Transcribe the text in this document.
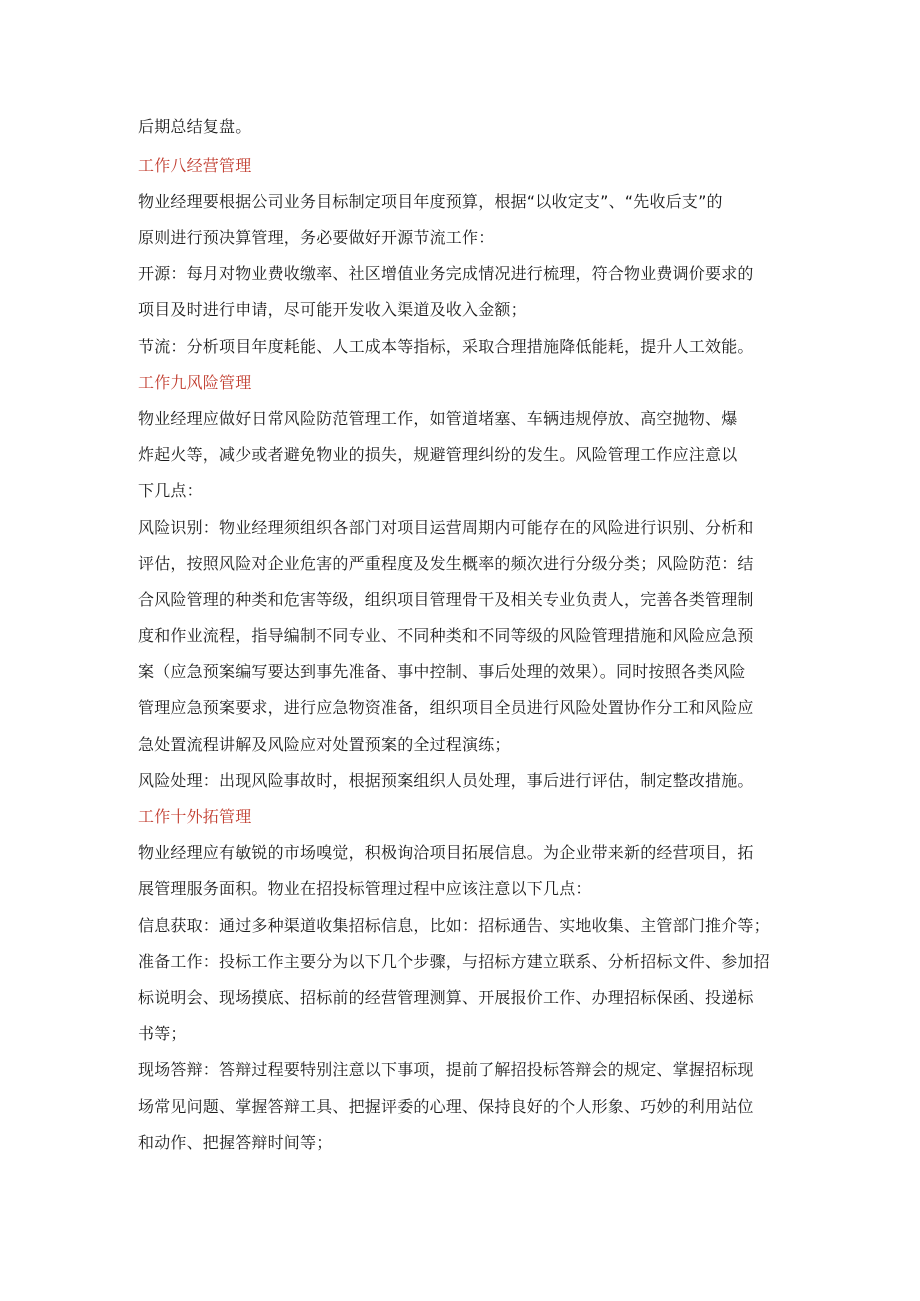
后期总结复盘。
工作八经营管理
物业经理要根据公司业务目标制定项目年度预算，根据“以收定支”、“先收后支”的
原则进行预决算管理，务必要做好开源节流工作：
开源：每月对物业费收缴率、社区增值业务完成情况进行梳理，符合物业费调价要求的
项目及时进行申请，尽可能开发收入渠道及收入金额；
节流：分析项目年度耗能、人工成本等指标，采取合理措施降低能耗，提升人工效能。
工作九风险管理
物业经理应做好日常风险防范管理工作，如管道堵塞、车辆违规停放、高空抛物、爆
炸起火等，减少或者避免物业的损失，规避管理纠纷的发生。风险管理工作应注意以
下几点：
风险识别：物业经理须组织各部门对项目运营周期内可能存在的风险进行识别、分析和
评估，按照风险对企业危害的严重程度及发生概率的频次进行分级分类；风险防范：结
合风险管理的种类和危害等级，组织项目管理骨干及相关专业负责人，完善各类管理制
度和作业流程，指导编制不同专业、不同种类和不同等级的风险管理措施和风险应急预
案（应急预案编写要达到事先准备、事中控制、事后处理的效果）。同时按照各类风险
管理应急预案要求，进行应急物资准备，组织项目全员进行风险处置协作分工和风险应
急处置流程讲解及风险应对处置预案的全过程演练；
风险处理：出现风险事故时，根据预案组织人员处理，事后进行评估，制定整改措施。
工作十外拓管理
物业经理应有敏锐的市场嗅觉，积极询洽项目拓展信息。为企业带来新的经营项目，拓
展管理服务面积。物业在招投标管理过程中应该注意以下几点：
信息获取：通过多种渠道收集招标信息，比如：招标通告、实地收集、主管部门推介等；
准备工作：投标工作主要分为以下几个步骤，与招标方建立联系、分析招标文件、参加招
标说明会、现场摸底、招标前的经营管理测算、开展报价工作、办理招标保函、投递标
书等；
现场答辩：答辩过程要特别注意以下事项，提前了解招投标答辩会的规定、掌握招标现
场常见问题、掌握答辩工具、把握评委的心理、保持良好的个人形象、巧妙的利用站位
和动作、把握答辩时间等；
